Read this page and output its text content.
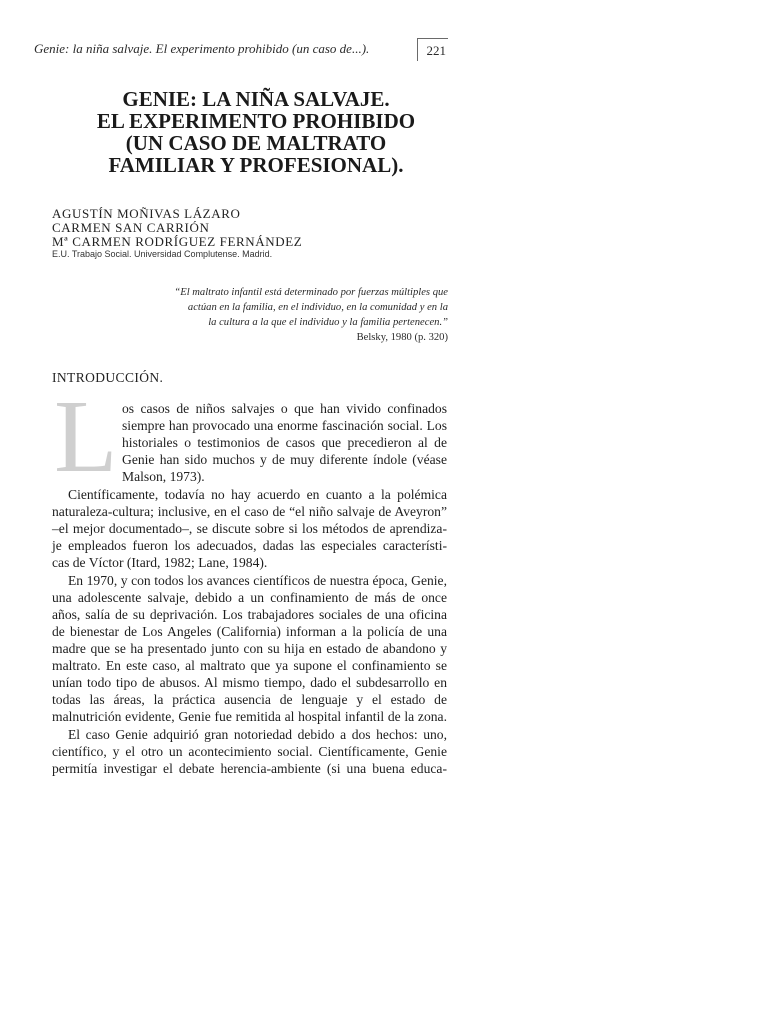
Genie: la niña salvaje. El experimento prohibido (un caso de...).	221
GENIE: LA NIÑA SALVAJE.
EL EXPERIMENTO PROHIBIDO
(UN CASO DE MALTRATO
FAMILIAR Y PROFESIONAL).
AGUSTÍN MOÑIVAS LÁZARO
CARMEN SAN CARRIÓN
Mª CARMEN RODRÍGUEZ FERNÁNDEZ
E.U. Trabajo Social. Universidad Complutense. Madrid.
“El maltrato infantil está determinado por fuerzas múltiples que
actúan en la familia, en el individuo, en la comunidad y en la
la cultura a la que el individuo y la familia pertenecen.”
Belsky, 1980 (p. 320)
INTRODUCCIÓN.
L os casos de niños salvajes o que han vivido confinados
siempre han provocado una enorme fascinación social. Los
historiales o testimonios de casos que precedieron al de
Genie han sido muchos y de muy diferente índole (véase
Malson, 1973).
Científicamente, todavía no hay acuerdo en cuanto a la polémica
naturaleza-cultura; inclusive, en el caso de “el niño salvaje de Aveyron”
–el mejor documentado–, se discute sobre si los métodos de aprendiza-
je empleados fueron los adecuados, dadas las especiales característi-
cas de Víctor (Itard, 1982; Lane, 1984).
En 1970, y con todos los avances científicos de nuestra época, Genie,
una adolescente salvaje, debido a un confinamiento de más de once
años, salía de su deprivación. Los trabajadores sociales de una oficina
de bienestar de Los Angeles (California) informan a la policía de una
madre que se ha presentado junto con su hija en estado de abandono y
maltrato. En este caso, al maltrato que ya supone el confinamiento se
unían todo tipo de abusos. Al mismo tiempo, dado el subdesarrollo en
todas las áreas, la práctica ausencia de lenguaje y el estado de
malnutrición evidente, Genie fue remitida al hospital infantil de la zona.
El caso Genie adquirió gran notoriedad debido a dos hechos: uno,
científico, y el otro un acontecimiento social. Científicamente, Genie
permitía investigar el debate herencia-ambiente (si una buena educa-
